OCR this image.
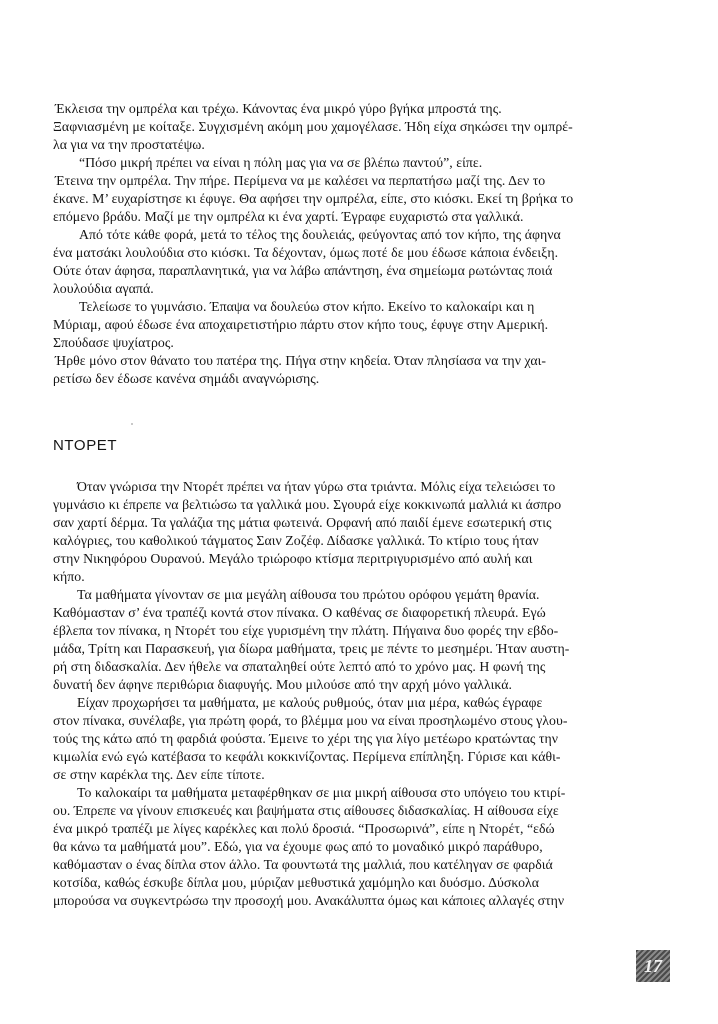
Έκλεισα την ομπρέλα και τρέχω. Κάνοντας ένα μικρό γύρο βγήκα μπροστά της.
Ξαφνιασμένη με κοίταξε. Συγχισμένη ακόμη μου χαμογέλασε. Ήδη είχα σηκώσει την ομπρέ-
λα για να την προστατέψω.
“Πόσο μικρή πρέπει να είναι η πόλη μας για να σε βλέπω παντού”, είπε.
Έτεινα την ομπρέλα. Την πήρε. Περίμενα να με καλέσει να περπατήσω μαζί της. Δεν το
έκανε. Μ’ ευχαρίστησε κι έφυγε. Θα αφήσει την ομπρέλα, είπε, στο κιόσκι. Εκεί τη βρήκα το
επόμενο βράδυ. Μαζί με την ομπρέλα κι ένα χαρτί. Έγραφε ευχαριστώ στα γαλλικά.
Από τότε κάθε φορά, μετά το τέλος της δουλειάς, φεύγοντας από τον κήπο, της άφηνα
ένα ματσάκι λουλούδια στο κιόσκι. Τα δέχονταν, όμως ποτέ δε μου έδωσε κάποια ένδειξη.
Ούτε όταν άφησα, παραπλανητικά, για να λάβω απάντηση, ένα σημείωμα ρωτώντας ποιά
λουλούδια αγαπά.
Τελείωσε το γυμνάσιο. Έπαψα να δουλεύω στον κήπο. Εκείνο το καλοκαίρι και η
Μύριαμ, αφού έδωσε ένα αποχαιρετιστήριο πάρτυ στον κήπο τους, έφυγε στην Αμερική.
Σπούδασε ψυχίατρος.
Ήρθε μόνο στον θάνατο του πατέρα της. Πήγα στην κηδεία. Όταν πλησίασα να την χαι-
ρετίσω δεν έδωσε κανένα σημάδι αναγνώρισης.
ΝΤΟΡΕΤ
Όταν γνώρισα την Ντορέτ πρέπει να ήταν γύρω στα τριάντα. Μόλις είχα τελειώσει το
γυμνάσιο κι έπρεπε να βελτιώσω τα γαλλικά μου. Σγουρά είχε κοκκινωπά μαλλιά κι άσπρο
σαν χαρτί δέρμα. Τα γαλάζια της μάτια φωτεινά. Ορφανή από παιδί έμενε εσωτερική στις
καλόγριες, του καθολικού τάγματος Σαιν Ζοζέφ. Δίδασκε γαλλικά. Το κτίριο τους ήταν
στην Νικηφόρου Ουρανού. Μεγάλο τριώροφο κτίσμα περιτριγυρισμένο από αυλή και
κήπο.
Τα μαθήματα γίνονταν σε μια μεγάλη αίθουσα του πρώτου ορόφου γεμάτη θρανία.
Καθόμασταν σ’ ένα τραπέζι κοντά στον πίνακα. Ο καθένας σε διαφορετική πλευρά. Εγώ
έβλεπα τον πίνακα, η Ντορέτ του είχε γυρισμένη την πλάτη. Πήγαινα δυο φορές την εβδο-
μάδα, Τρίτη και Παρασκευή, για δίωρα μαθήματα, τρεις με πέντε το μεσημέρι. Ήταν αυστη-
ρή στη διδασκαλία. Δεν ήθελε να σπαταληθεί ούτε λεπτό από το χρόνο μας. Η φωνή της
δυνατή δεν άφηνε περιθώρια διαφυγής. Μου μιλούσε από την αρχή μόνο γαλλικά.
Είχαν προχωρήσει τα μαθήματα, με καλούς ρυθμούς, όταν μια μέρα, καθώς έγραφε
στον πίνακα, συνέλαβε, για πρώτη φορά, το βλέμμα μου να είναι προσηλωμένο στους γλου-
τούς της κάτω από τη φαρδιά φούστα. Έμεινε το χέρι της για λίγο μετέωρο κρατώντας την
κιμωλία ενώ εγώ κατέβασα το κεφάλι κοκκινίζοντας. Περίμενα επίπληξη. Γύρισε και κάθι-
σε στην καρέκλα της. Δεν είπε τίποτε.
Το καλοκαίρι τα μαθήματα μεταφέρθηκαν σε μια μικρή αίθουσα στο υπόγειο του κτιρί-
ου. Έπρεπε να γίνουν επισκευές και βαψήματα στις αίθουσες διδασκαλίας. Η αίθουσα είχε
ένα μικρό τραπέζι με λίγες καρέκλες και πολύ δροσιά. “Προσωρινά”, είπε η Ντορέτ, “εδώ
θα κάνω τα μαθήματά μου”. Εδώ, για να έχουμε φως από το μοναδικό μικρό παράθυρο,
καθόμασταν ο ένας δίπλα στον άλλο. Τα φουντωτά της μαλλιά, που κατέληγαν σε φαρδιά
κοτσίδα, καθώς έσκυβε δίπλα μου, μύριζαν μεθυστικά χαμόμηλο και δυόσμο. Δύσκολα
μπορούσα να συγκεντρώσω την προσοχή μου. Ανακάλυπτα όμως και κάποιες αλλαγές στην
17
